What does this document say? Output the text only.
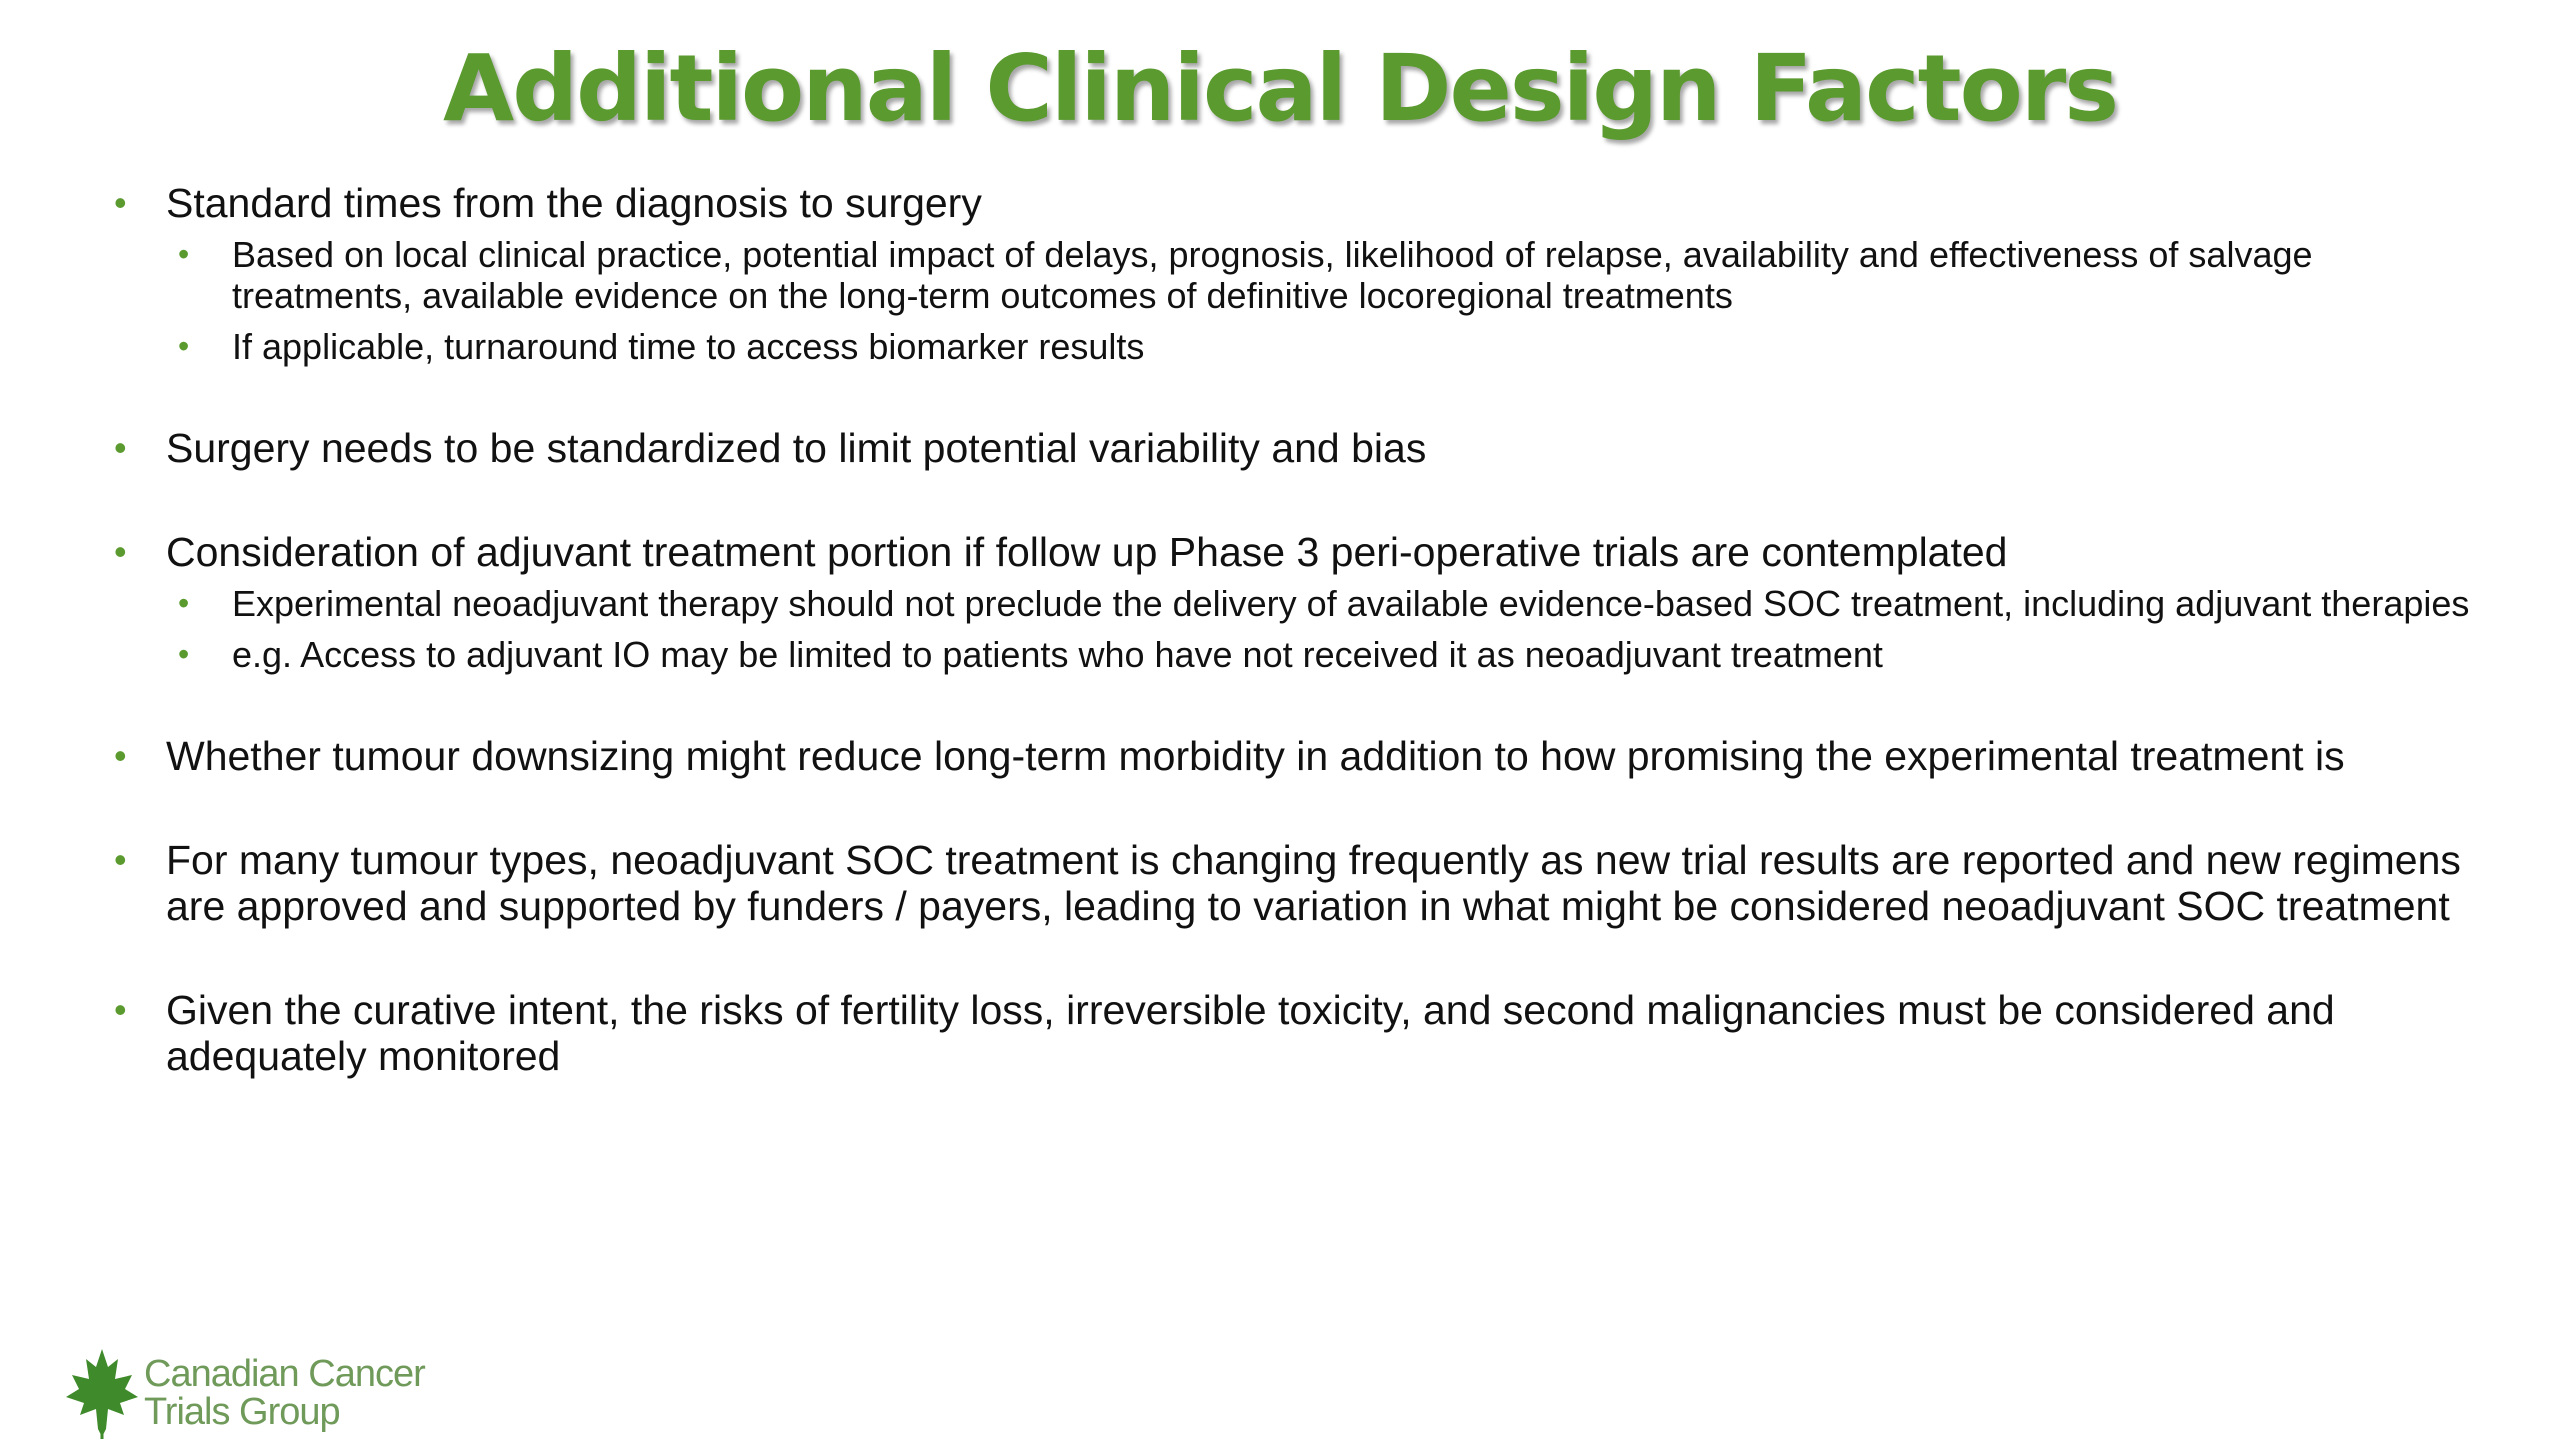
Additional Clinical Design Factors
• Standard times from the diagnosis to surgery
• Based on local clinical practice, potential impact of delays, prognosis, likelihood of relapse, availability and effectiveness of salvage treatments, available evidence on the long-term outcomes of definitive locoregional treatments
• If applicable, turnaround time to access biomarker results
• Surgery needs to be standardized to limit potential variability and bias
• Consideration of adjuvant treatment portion if follow up Phase 3 peri-operative trials are contemplated
• Experimental neoadjuvant therapy should not preclude the delivery of available evidence-based SOC treatment, including adjuvant therapies
• e.g. Access to adjuvant IO may be limited to patients who have not received it as neoadjuvant treatment
• Whether tumour downsizing might reduce long-term morbidity in addition to how promising the experimental treatment is
• For many tumour types, neoadjuvant SOC treatment is changing frequently as new trial results are reported and new regimens are approved and supported by funders / payers, leading to variation in what might be considered neoadjuvant SOC treatment
• Given the curative intent, the risks of fertility loss, irreversible toxicity, and second malignancies must be considered and adequately monitored
Canadian Cancer
Trials Group
